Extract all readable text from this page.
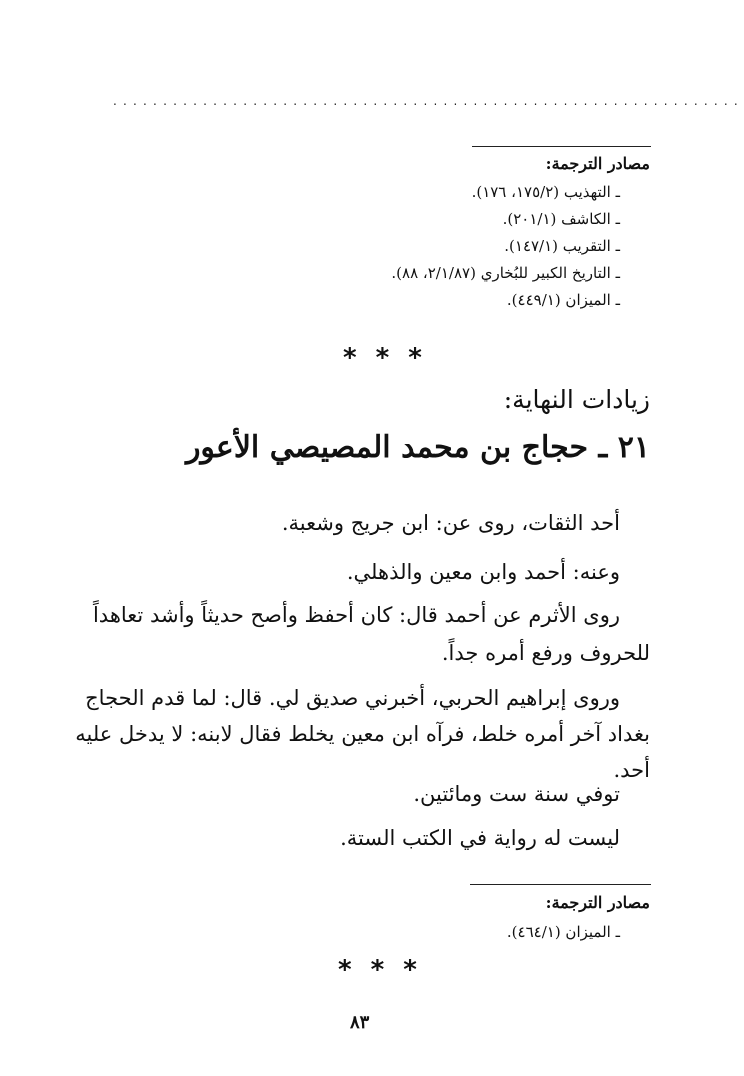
...............................................................
مصادر الترجمة:
ـ التهذيب (١٧٥/٢، ١٧٦).
ـ الكاشف (٢٠١/١).
ـ التقريب (١٤٧/١).
ـ التاريخ الكبير للبُخاري (٢/١/٨٧، ٨٨).
ـ الميزان (٤٤٩/١).
* * *
زيادات النهاية:
٢١ ـ حجاج بن محمد المصيصي الأعور
أحد الثقات، روى عن: ابن جريج وشعبة.
وعنه: أحمد وابن معين والذهلي.
روى الأثرم عن أحمد قال: كان أحفظ وأصح حديثاً وأشد تعاهداً
للحروف ورفع أمره جداً.
وروى إبراهيم الحربي، أخبرني صديق لي. قال: لما قدم الحجاج
بغداد آخر أمره خلط، فرآه ابن معين يخلط فقال لابنه: لا يدخل عليه
أحد.
توفي سنة ست ومائتين.
ليست له رواية في الكتب الستة.
مصادر الترجمة:
ـ الميزان (٤٦٤/١).
* * *
٨٣
